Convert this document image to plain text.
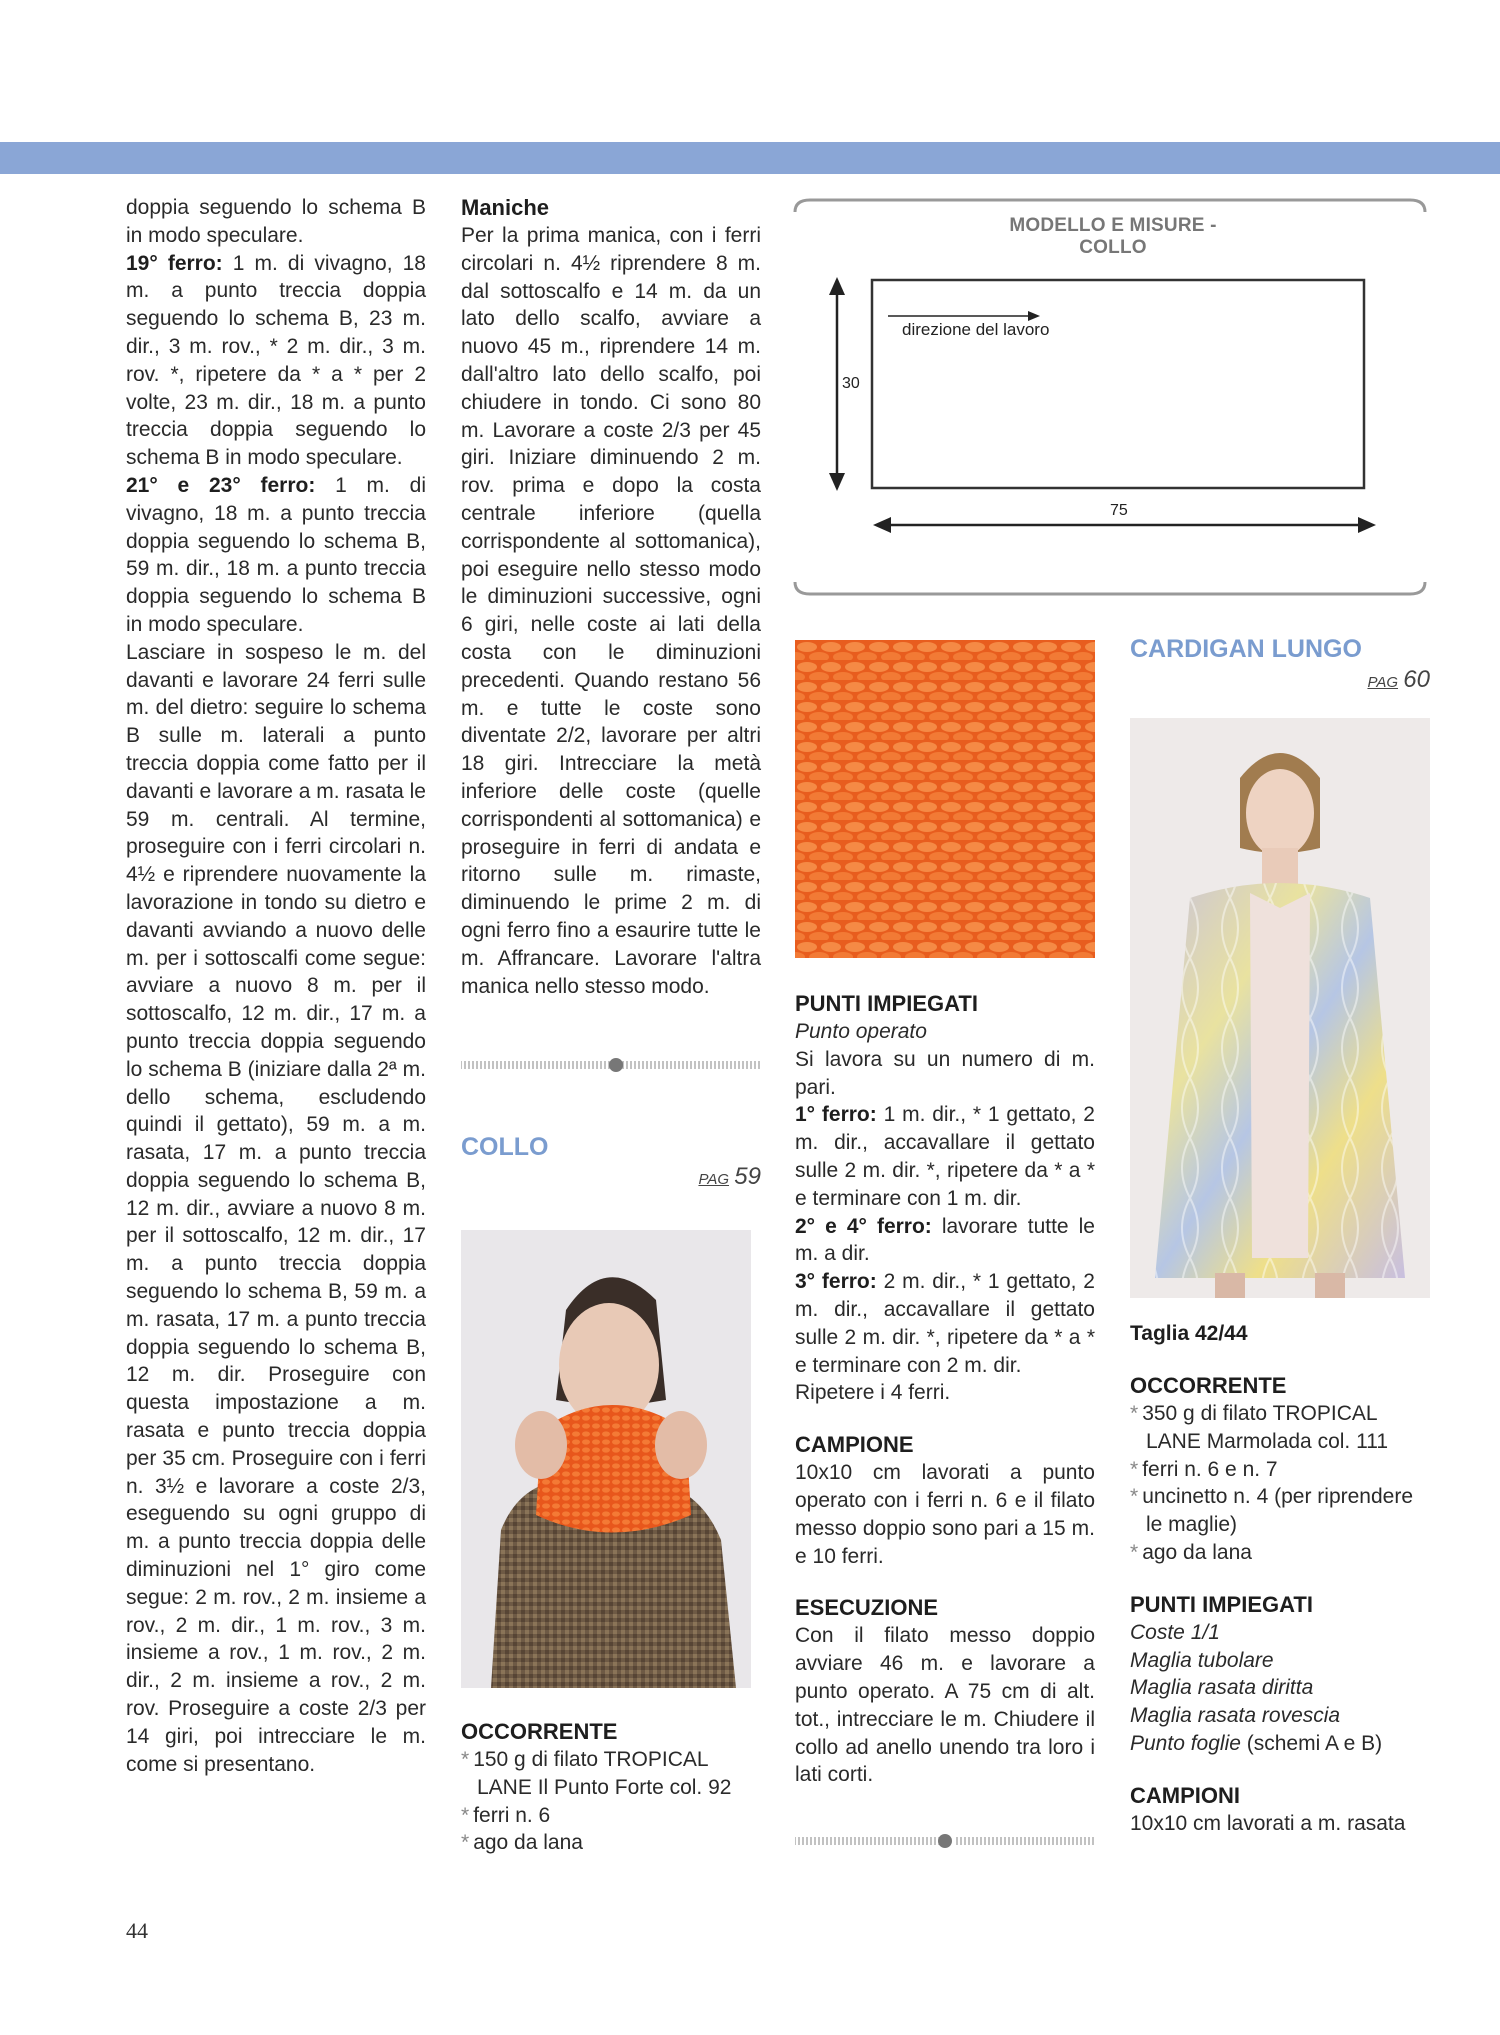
doppia seguendo lo schema B in modo speculare.

19° ferro: 1 m. di vivagno, 18 m. a punto treccia doppia seguendo lo schema B, 23 m. dir., 3 m. rov., * 2 m. dir., 3 m. rov. *, ripetere da * a * per 2 volte, 23 m. dir., 18 m. a punto treccia doppia seguendo lo schema B in modo speculare.

21° e 23° ferro: 1 m. di vivagno, 18 m. a punto treccia doppia seguendo lo schema B, 59 m. dir., 18 m. a punto treccia doppia seguendo lo schema B in modo speculare.

Lasciare in sospeso le m. del davanti e lavorare 24 ferri sulle m. del dietro: seguire lo schema B sulle m. laterali a punto treccia doppia come fatto per il davanti e lavorare a m. rasata le 59 m. centrali. Al termine, proseguire con i ferri circolari n. 4½ e riprendere nuovamente la lavorazione in tondo su dietro e davanti avviando a nuovo delle m. per i sottoscalfi come segue: avviare a nuovo 8 m. per il sottoscalfo, 12 m. dir., 17 m. a punto treccia doppia seguendo lo schema B (iniziare dalla 2ª m. dello schema, escludendo quindi il gettato), 59 m. a m. rasata, 17 m. a punto treccia doppia seguendo lo schema B, 12 m. dir., avviare a nuovo 8 m. per il sottoscalfo, 12 m. dir., 17 m. a punto treccia doppia seguendo lo schema B, 59 m. a m. rasata, 17 m. a punto treccia doppia seguendo lo schema B, 12 m. dir. Proseguire con questa impostazione a m. rasata e punto treccia doppia per 35 cm. Proseguire con i ferri n. 3½ e lavorare a coste 2/3, eseguendo su ogni gruppo di m. a punto treccia doppia delle diminuzioni nel 1° giro come segue: 2 m. rov., 2 m. insieme a rov., 2 m. dir., 1 m. rov., 3 m. insieme a rov., 1 m. rov., 2 m. dir., 2 m. insieme a rov., 2 m. rov. Proseguire a coste 2/3 per 14 giri, poi intrecciare le m. come si presentano.

Maniche

Per la prima manica, con i ferri circolari n. 4½ riprendere 8 m. dal sottoscalfo e 14 m. da un lato dello scalfo, avviare a nuovo 45 m., riprendere 14 m. dall'altro lato dello scalfo, poi chiudere in tondo. Ci sono 80 m. Lavorare a coste 2/3 per 45 giri. Iniziare diminuendo 2 m. rov. prima e dopo la costa centrale inferiore (quella corrispondente al sottomanica), poi eseguire nello stesso modo le diminuzioni successive, ogni 6 giri, nelle coste ai lati della costa con le diminuzioni precedenti. Quando restano 56 m. e tutte le coste sono diventate 2/2, lavorare per altri 18 giri. Intrecciare la metà inferiore delle coste (quelle corrispondenti al sottomanica) e proseguire in ferri di andata e ritorno sulle m. rimaste, diminuendo le prime 2 m. di ogni ferro fino a esaurire tutte le m. Affrancare. Lavorare l'altra manica nello stesso modo.

COLLO
PAG 59

OCCORRENTE

* 150 g di filato TROPICAL LANE Il Punto Forte col. 92

* ferri n. 6

* ago da lana

MODELLO E MISURE - COLLO
direzione del lavoro
30
75

PUNTI IMPIEGATI

Punto operato

Si lavora su un numero di m. pari.

1° ferro: 1 m. dir., * 1 gettato, 2 m. dir., accavallare il gettato sulle 2 m. dir. *, ripetere da * a * e terminare con 1 m. dir.

2° e 4° ferro: lavorare tutte le m. a dir.

3° ferro: 2 m. dir., * 1 gettato, 2 m. dir., accavallare il gettato sulle 2 m. dir. *, ripetere da * a * e terminare con 2 m. dir.

Ripetere i 4 ferri.

CAMPIONE

10x10 cm lavorati a punto operato con i ferri n. 6 e il filato messo doppio sono pari a 15 m. e 10 ferri.

ESECUZIONE

Con il filato messo doppio avviare 46 m. e lavorare a punto operato. A 75 cm di alt. tot., intrecciare le m. Chiudere il collo ad anello unendo tra loro i lati corti.

CARDIGAN LUNGO
PAG 60

Taglia 42/44

OCCORRENTE

* 350 g di filato TROPICAL LANE Marmolada col. 111

* ferri n. 6 e n. 7

* uncinetto n. 4 (per riprendere le maglie)

* ago da lana

PUNTI IMPIEGATI

Coste 1/1

Maglia tubolare

Maglia rasata diritta

Maglia rasata rovescia

Punto foglie (schemi A e B)

CAMPIONI

10x10 cm lavorati a m. rasata

44
